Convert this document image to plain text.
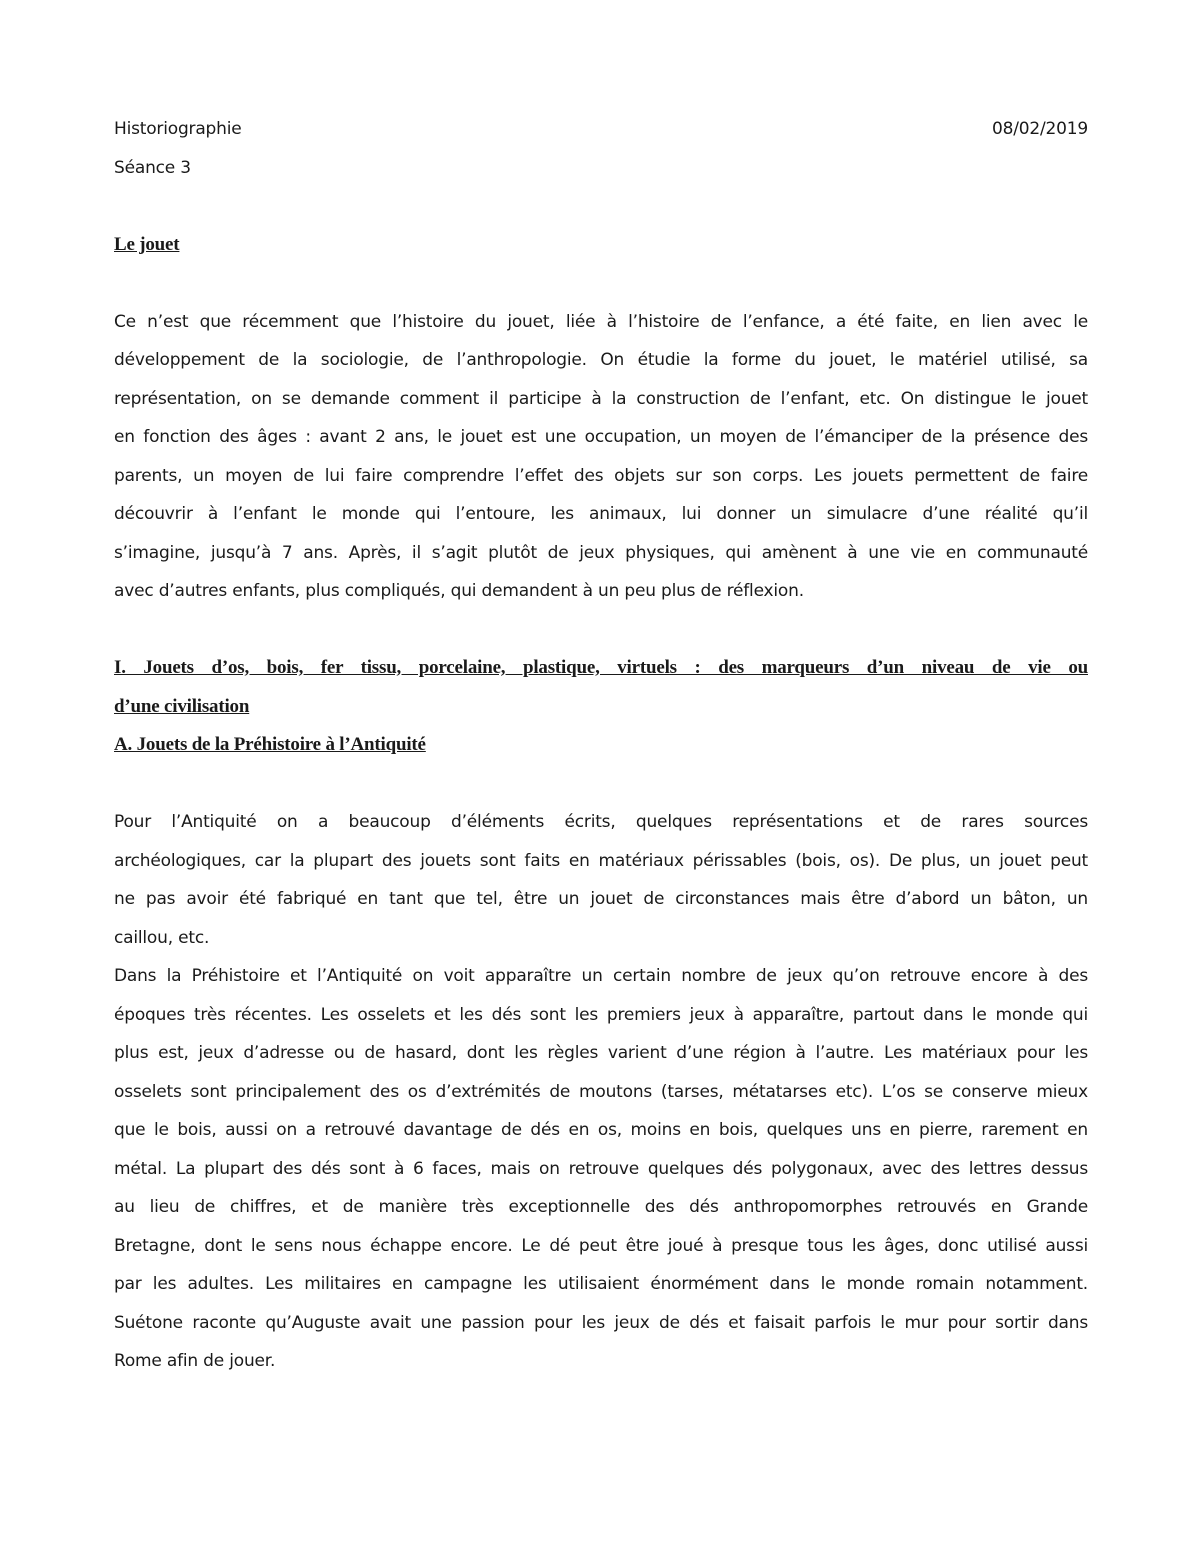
Historiographie	08/02/2019
Séance 3
Le jouet
Ce n’est que récemment que l’histoire du jouet, liée à l’histoire de l’enfance, a été faite, en lien avec le
développement de la sociologie, de l’anthropologie. On étudie la forme du jouet, le matériel utilisé, sa
représentation, on se demande comment il participe à la construction de l’enfant, etc. On distingue le jouet
en fonction des âges : avant 2 ans, le jouet est une occupation, un moyen de l’émanciper de la présence des
parents, un moyen de lui faire comprendre l’effet des objets sur son corps. Les jouets permettent de faire
découvrir à l’enfant le monde qui l’entoure, les animaux, lui donner un simulacre d’une réalité qu’il
s’imagine, jusqu’à 7 ans. Après, il s’agit plutôt de jeux physiques, qui amènent à une vie en communauté
avec d’autres enfants, plus compliqués, qui demandent à un peu plus de réflexion.
I. Jouets d’os, bois, fer tissu, porcelaine, plastique, virtuels : des marqueurs d’un niveau de vie ou
d’une civilisation
A. Jouets de la Préhistoire à l’Antiquité
Pour l’Antiquité on a beaucoup d’éléments écrits, quelques représentations et de rares sources
archéologiques, car la plupart des jouets sont faits en matériaux périssables (bois, os). De plus, un jouet peut
ne pas avoir été fabriqué en tant que tel, être un jouet de circonstances mais être d’abord un bâton, un
caillou, etc.
Dans la Préhistoire et l’Antiquité on voit apparaître un certain nombre de jeux qu’on retrouve encore à des
époques très récentes. Les osselets et les dés sont les premiers jeux à apparaître, partout dans le monde qui
plus est, jeux d’adresse ou de hasard, dont les règles varient d’une région à l’autre. Les matériaux pour les
osselets sont principalement des os d’extrémités de moutons (tarses, métatarses etc). L’os se conserve mieux
que le bois, aussi on a retrouvé davantage de dés en os, moins en bois, quelques uns en pierre, rarement en
métal. La plupart des dés sont à 6 faces, mais on retrouve quelques dés polygonaux, avec des lettres dessus
au lieu de chiffres, et de manière très exceptionnelle des dés anthropomorphes retrouvés en Grande
Bretagne, dont le sens nous échappe encore. Le dé peut être joué à presque tous les âges, donc utilisé aussi
par les adultes. Les militaires en campagne les utilisaient énormément dans le monde romain notamment.
Suétone raconte qu’Auguste avait une passion pour les jeux de dés et faisait parfois le mur pour sortir dans
Rome afin de jouer.
